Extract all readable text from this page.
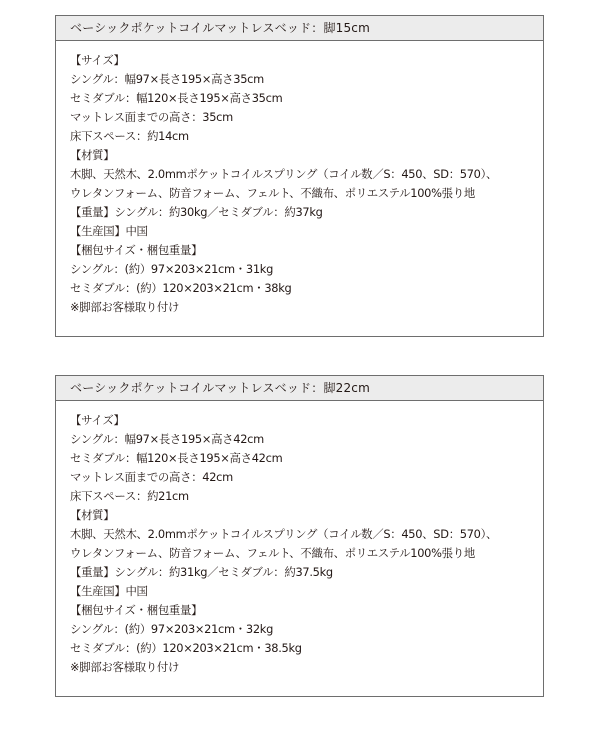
ベーシックポケットコイルマットレスベッド：脚15cm
【サイズ】
シングル：幅97×長さ195×高さ35cm
セミダブル：幅120×長さ195×高さ35cm
マットレス面までの高さ：35cm
床下スペース：約14cm
【材質】
木脚、天然木、2.0mmポケットコイルスプリング（コイル数／S：450、SD：570）、
ウレタンフォーム、防音フォーム、フェルト、不織布、ポリエステル100%張り地
【重量】シングル：約30kg／セミダブル：約37kg
【生産国】中国
【梱包サイズ・梱包重量】
シングル：(約）97×203×21cm・31kg
セミダブル：(約）120×203×21cm・38kg
※脚部お客様取り付け
ベーシックポケットコイルマットレスベッド：脚22cm
【サイズ】
シングル：幅97×長さ195×高さ42cm
セミダブル：幅120×長さ195×高さ42cm
マットレス面までの高さ：42cm
床下スペース：約21cm
【材質】
木脚、天然木、2.0mmポケットコイルスプリング（コイル数／S：450、SD：570）、
ウレタンフォーム、防音フォーム、フェルト、不織布、ポリエステル100%張り地
【重量】シングル：約31kg／セミダブル：約37.5kg
【生産国】中国
【梱包サイズ・梱包重量】
シングル：(約）97×203×21cm・32kg
セミダブル：(約）120×203×21cm・38.5kg
※脚部お客様取り付け
